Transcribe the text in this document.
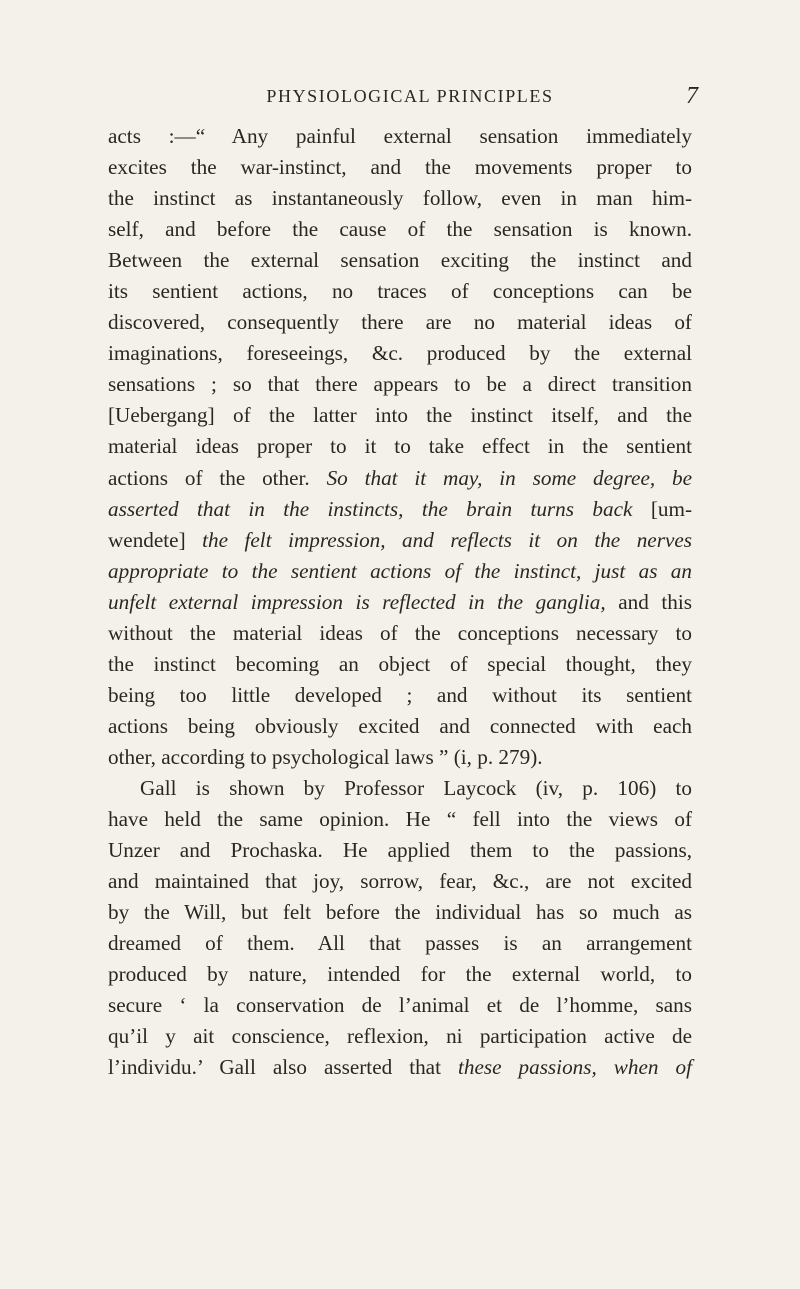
PHYSIOLOGICAL PRINCIPLES	7
acts :—“ Any painful external sensation immediately
excites the war-instinct, and the movements proper to
the instinct as instantaneously follow, even in man him-
self, and before the cause of the sensation is known.
Between the external sensation exciting the instinct and
its sentient actions, no traces of conceptions can be
discovered, consequently there are no material ideas of
imaginations, foreseeings, &c. produced by the external
sensations ; so that there appears to be a direct transition
[Uebergang] of the latter into the instinct itself, and the
material ideas proper to it to take effect in the sentient
actions of the other. So that it may, in some degree, be
asserted that in the instincts, the brain turns back [um-
wendete] the felt impression, and reflects it on the nerves
appropriate to the sentient actions of the instinct, just as an
unfelt external impression is reflected in the ganglia, and this
without the material ideas of the conceptions necessary to
the instinct becoming an object of special thought, they
being too little developed ; and without its sentient
actions being obviously excited and connected with each
other, according to psychological laws ” (i, p. 279).
Gall is shown by Professor Laycock (iv, p. 106) to
have held the same opinion. He “ fell into the views of
Unzer and Prochaska. He applied them to the passions,
and maintained that joy, sorrow, fear, &c., are not excited
by the Will, but felt before the individual has so much as
dreamed of them. All that passes is an arrangement
produced by nature, intended for the external world, to
secure ‘ la conservation de l’animal et de l’homme, sans
qu’il y ait conscience, reflexion, ni participation active de
l’individu.’ Gall also asserted that these passions, when of
